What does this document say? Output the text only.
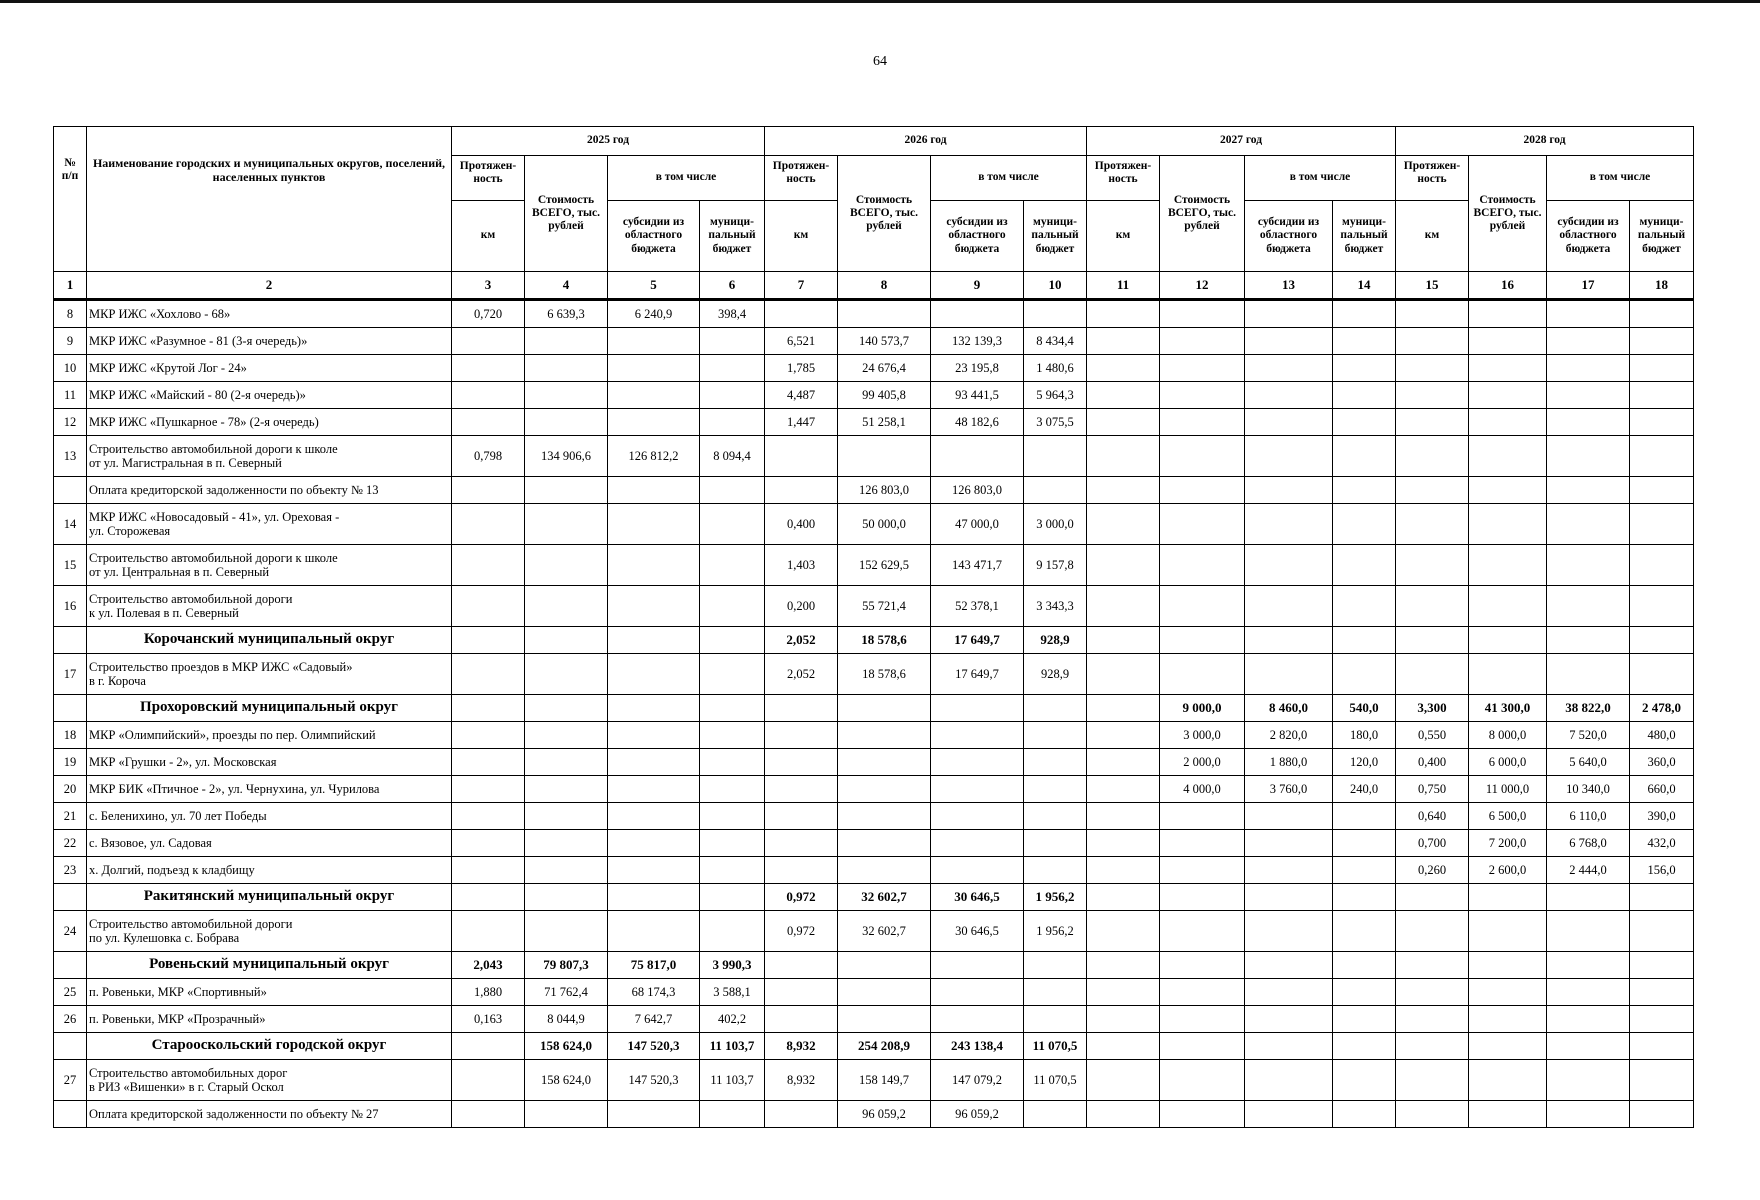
64
№
п/п	Наименование городских и муниципальных округов, поселений, населенных пунктов	2025 год				2026 год				2027 год				2028 год			
		Протяжен-ность	Стоимость ВСЕГО, тыс. рублей	в том числе		Протяжен-ность	Стоимость ВСЕГО, тыс. рублей	в том числе		Протяжен-ность	Стоимость ВСЕГО, тыс. рублей	в том числе		Протяжен-ность	Стоимость ВСЕГО, тыс. рублей	в том числе	
		км		субсидии из областного бюджета	муници-пальный бюджет	км		субсидии из областного бюджета	муници-пальный бюджет	км		субсидии из областного бюджета	муници-пальный бюджет	км		субсидии из областного бюджета	муници-пальный бюджет
1	2	3	4	5	6	7	8	9	10	11	12	13	14	15	16	17	18
8	МКР ИЖС «Хохлово - 68»	0,720	6 639,3	6 240,9	398,4												
9	МКР ИЖС «Разумное - 81 (3-я очередь)»					6,521	140 573,7	132 139,3	8 434,4								
10	МКР ИЖС «Крутой Лог - 24»					1,785	24 676,4	23 195,8	1 480,6								
11	МКР ИЖС «Майский - 80 (2-я очередь)»					4,487	99 405,8	93 441,5	5 964,3								
12	МКР ИЖС «Пушкарное - 78» (2-я очередь)					1,447	51 258,1	48 182,6	3 075,5								
13	Строительство автомобильной дороги к школе
от ул. Магистральная в п. Северный	0,798	134 906,6	126 812,2	8 094,4												
	Оплата кредиторской задолженности по объекту № 13						126 803,0	126 803,0									
14	МКР ИЖС «Новосадовый - 41», ул. Ореховая -
ул. Сторожевая					0,400	50 000,0	47 000,0	3 000,0								
15	Строительство автомобильной дороги к школе
от ул. Центральная в п. Северный					1,403	152 629,5	143 471,7	9 157,8								
16	Строительство автомобильной дороги
к ул. Полевая в п. Северный					0,200	55 721,4	52 378,1	3 343,3								
	Корочанский муниципальный округ					2,052	18 578,6	17 649,7	928,9								
17	Строительство проездов в МКР ИЖС «Садовый»
в г. Короча					2,052	18 578,6	17 649,7	928,9								
	Прохоровский муниципальный округ										9 000,0	8 460,0	540,0	3,300	41 300,0	38 822,0	2 478,0
18	МКР «Олимпийский», проезды по пер. Олимпийский										3 000,0	2 820,0	180,0	0,550	8 000,0	7 520,0	480,0
19	МКР «Грушки - 2», ул. Московская										2 000,0	1 880,0	120,0	0,400	6 000,0	5 640,0	360,0
20	МКР БИК «Птичное - 2», ул. Чернухина, ул. Чурилова										4 000,0	3 760,0	240,0	0,750	11 000,0	10 340,0	660,0
21	с. Беленихино, ул. 70 лет Победы													0,640	6 500,0	6 110,0	390,0
22	с. Вязовое, ул. Садовая													0,700	7 200,0	6 768,0	432,0
23	х. Долгий, подъезд к кладбищу													0,260	2 600,0	2 444,0	156,0
	Ракитянский муниципальный округ					0,972	32 602,7	30 646,5	1 956,2								
24	Строительство автомобильной дороги
по ул. Кулешовка с. Бобрава					0,972	32 602,7	30 646,5	1 956,2								
	Ровеньский муниципальный округ	2,043	79 807,3	75 817,0	3 990,3												
25	п. Ровеньки, МКР «Спортивный»	1,880	71 762,4	68 174,3	3 588,1												
26	п. Ровеньки, МКР «Прозрачный»	0,163	8 044,9	7 642,7	402,2												
	Старооскольский городской округ		158 624,0	147 520,3	11 103,7	8,932	254 208,9	243 138,4	11 070,5								
27	Строительство автомобильных дорог
в РИЗ «Вишенки» в г. Старый Оскол		158 624,0	147 520,3	11 103,7	8,932	158 149,7	147 079,2	11 070,5								
	Оплата кредиторской задолженности по объекту № 27						96 059,2	96 059,2									
